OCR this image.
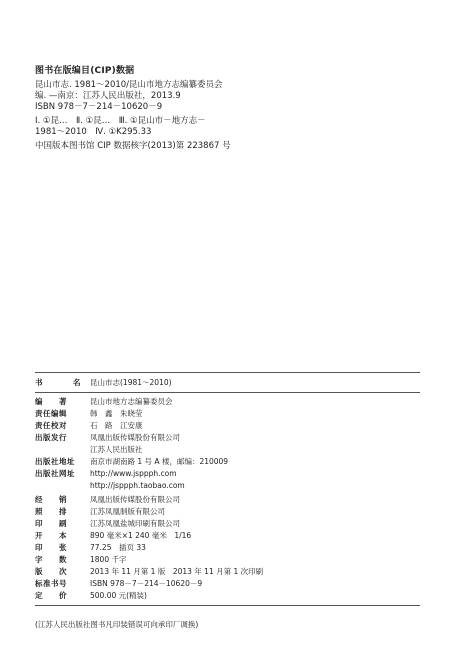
图书在版编目(CIP)数据
昆山市志. 1981～2010/昆山市地方志编纂委员会
编. —南京：江苏人民出版社，2013.9
ISBN 978－7－214－10620－9
Ⅰ. ①昆…　Ⅱ. ①昆…　Ⅲ. ①昆山市－地方志－
1981～2010　Ⅳ. ①K295.33
中国版本图书馆 CIP 数据核字(2013)第 223867 号
书	名 昆山市志(1981～2010)
编　　著	昆山市地方志编纂委员会
责任编辑	韩　鑫　朱晓莹
责任校对	石　路　江安康
出版发行	凤凰出版传媒股份有限公司
江苏人民出版社
出版社地址	南京市湖南路 1 号 A 楼，邮编：210009
出版社网址	http://www.jsppph.com
http://jsppph.taobao.com
经　　销	凤凰出版传媒股份有限公司
照　　排	江苏凤凰制版有限公司
印　　刷	江苏凤凰盐城印刷有限公司
开　　本	890 毫米×1 240 毫米　1/16
印　　张	77.25　插页 33
字　　数	1800 千字
版　　次	2013 年 11 月第 1 版　2013 年 11 月第 1 次印刷
标准书号	ISBN 978－7－214－10620－9
定　　价	500.00 元(精装)
(江苏人民出版社图书凡印装错误可向承印厂调换)
